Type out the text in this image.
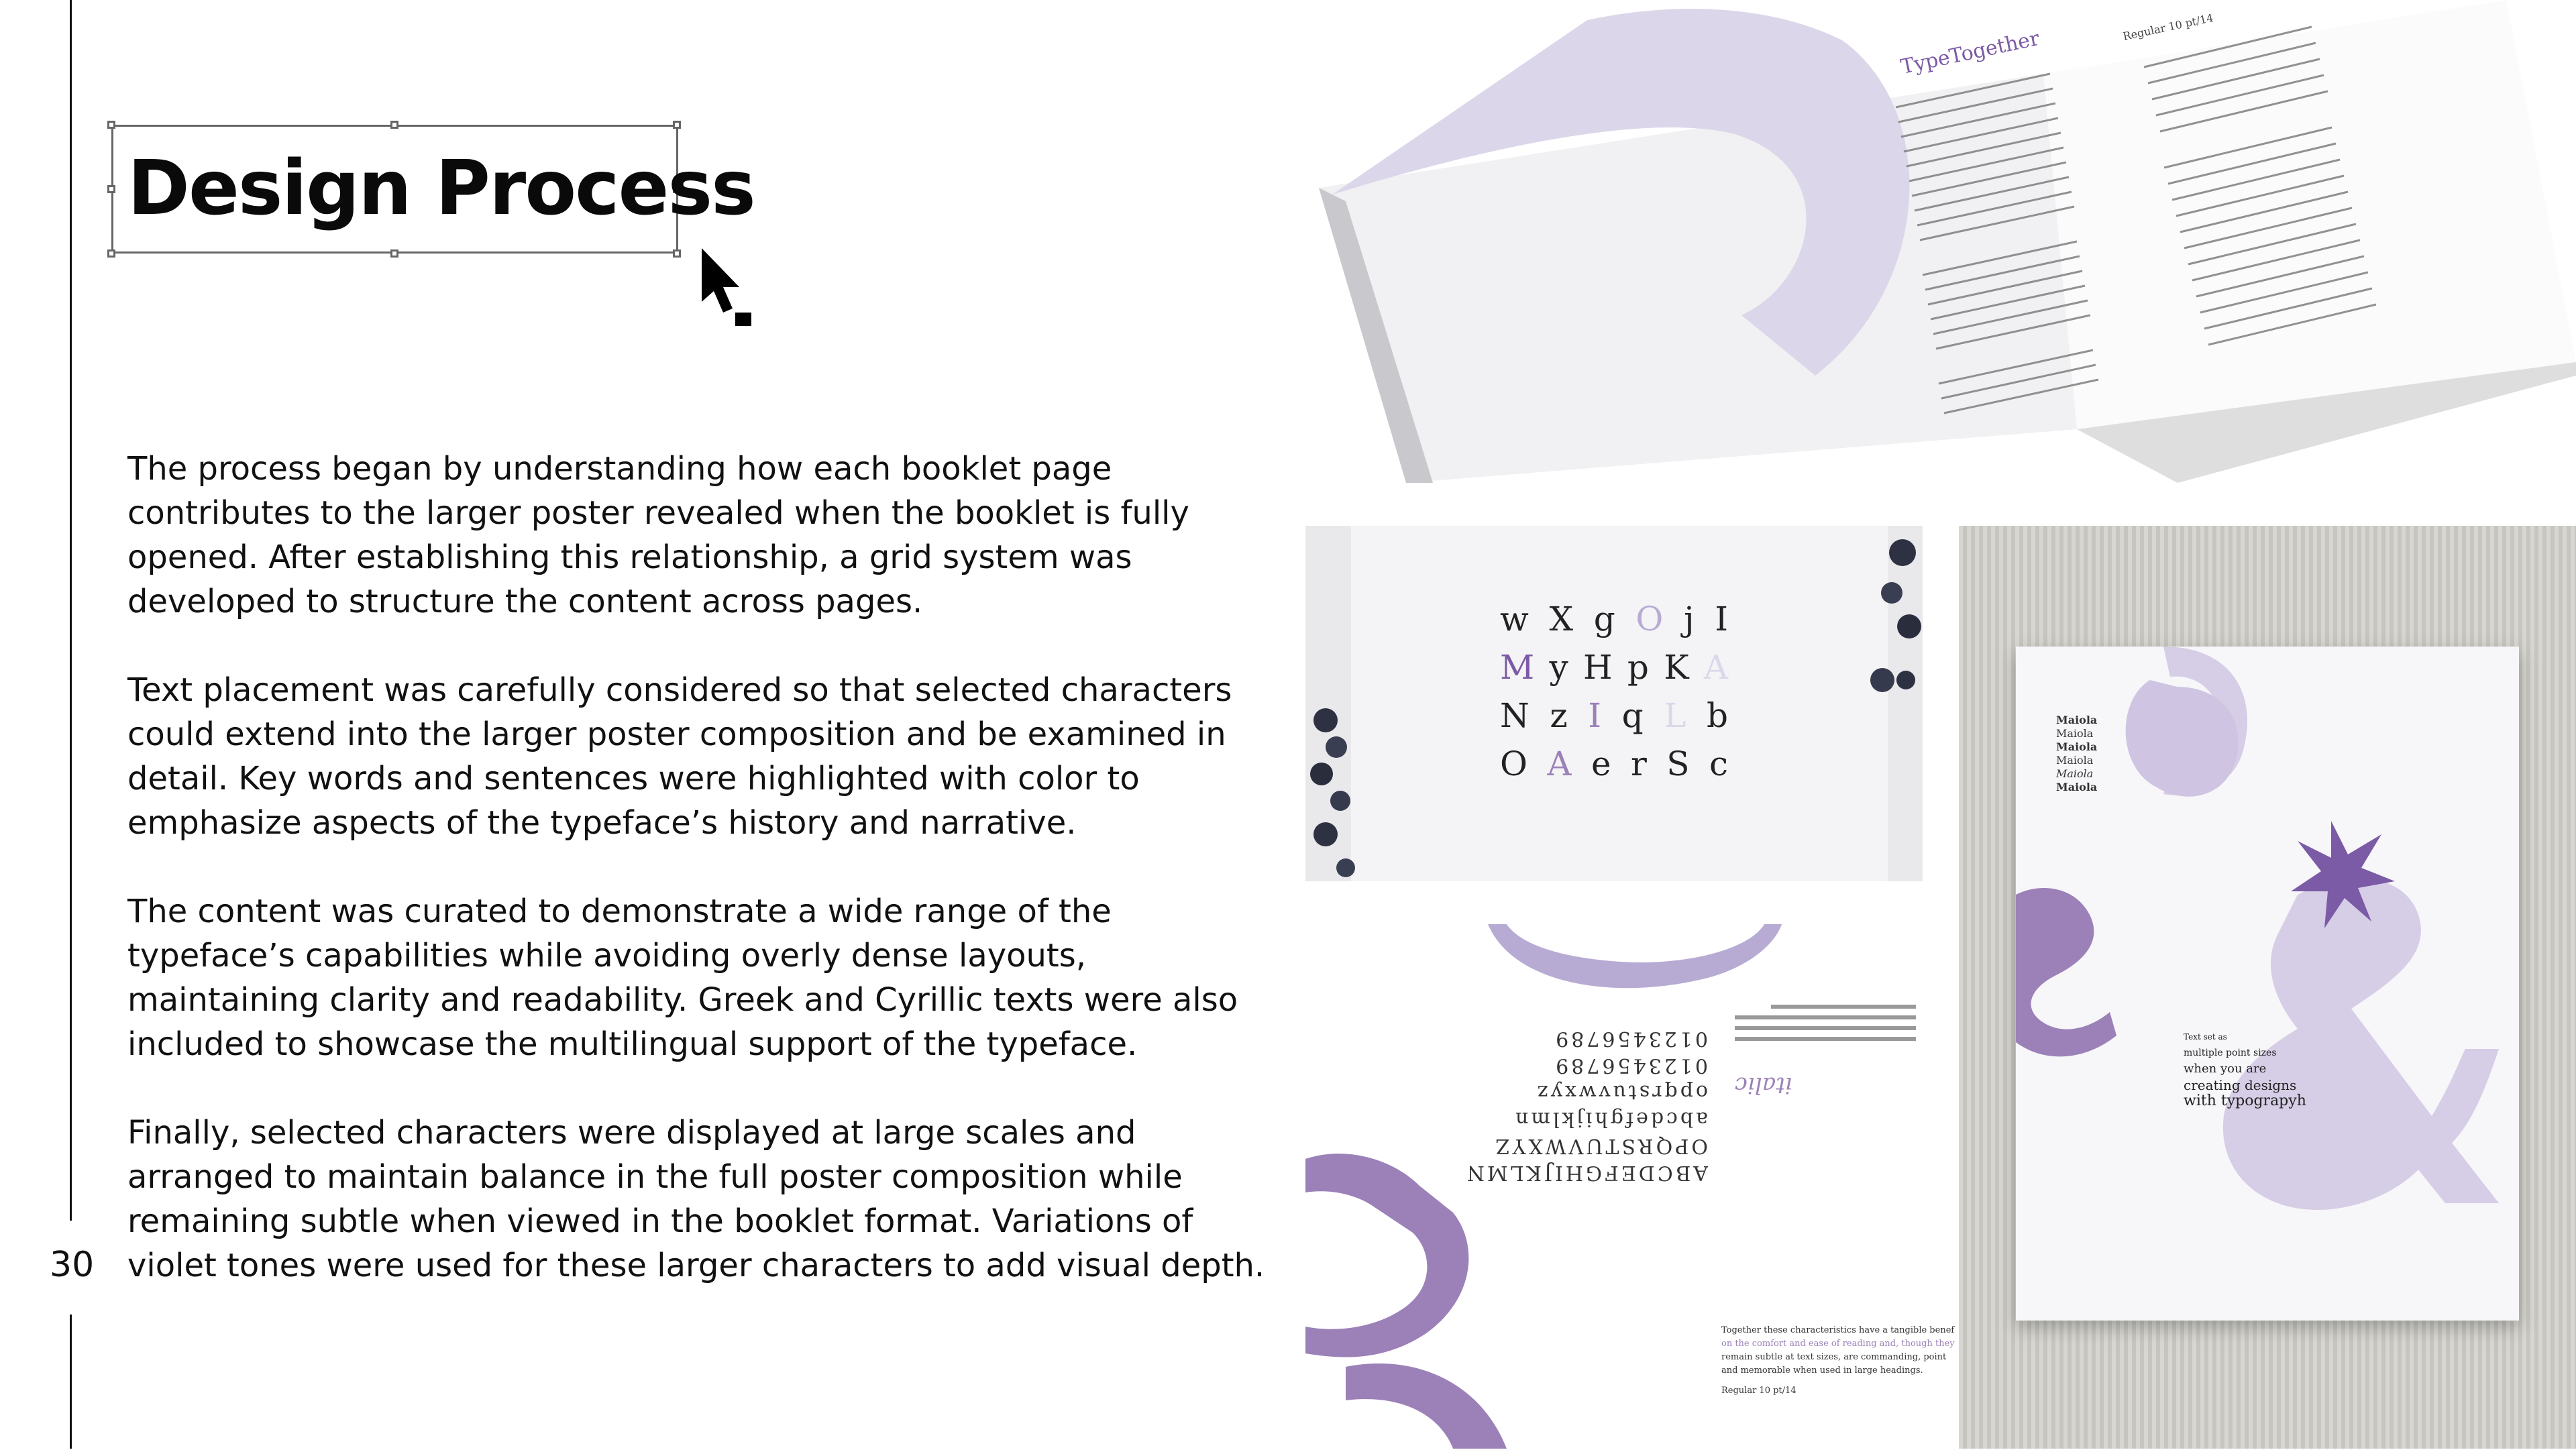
30
Design Process

The process began by understanding how each booklet page contributes to the larger poster revealed when the booklet is fully opened. After establishing this relationship, a grid system was developed to structure the content across pages.

Text placement was carefully considered so that selected characters could extend into the larger poster composition and be examined in detail. Key words and sentences were highlighted with color to emphasize aspects of the typeface’s history and narrative.

The content was curated to demonstrate a wide range of the typeface’s capabilities while avoiding overly dense layouts, maintaining clarity and readability. Greek and Cyrillic texts were also included to showcase the multilingual support of the typeface.

Finally, selected characters were displayed at large scales and arranged to maintain balance in the full poster composition while remaining subtle when viewed in the booklet format. Variations of violet tones were used for these larger characters to add visual depth.

TypeTogether	Regular 10 pt/14
w X g O j I
M y H p K A
N z I q L b
O A e r S c
ABCDEFGHIJKLMN
OPQRSTUVWXYZ
abcdefghijklmn
opqrstuvwxyz
0123456789
0123456789
italic
Together these characteristics have a tangible benef
on the comfort and ease of reading and, though they
remain subtle at text sizes, are commanding, point
and memorable when used in large headings.
Regular 10 pt/14
Maiola
Maiola
Maiola
Maiola
Maiola
Maiola
Text set as
multiple point sizes
when you are
creating designs
with typograpyh
